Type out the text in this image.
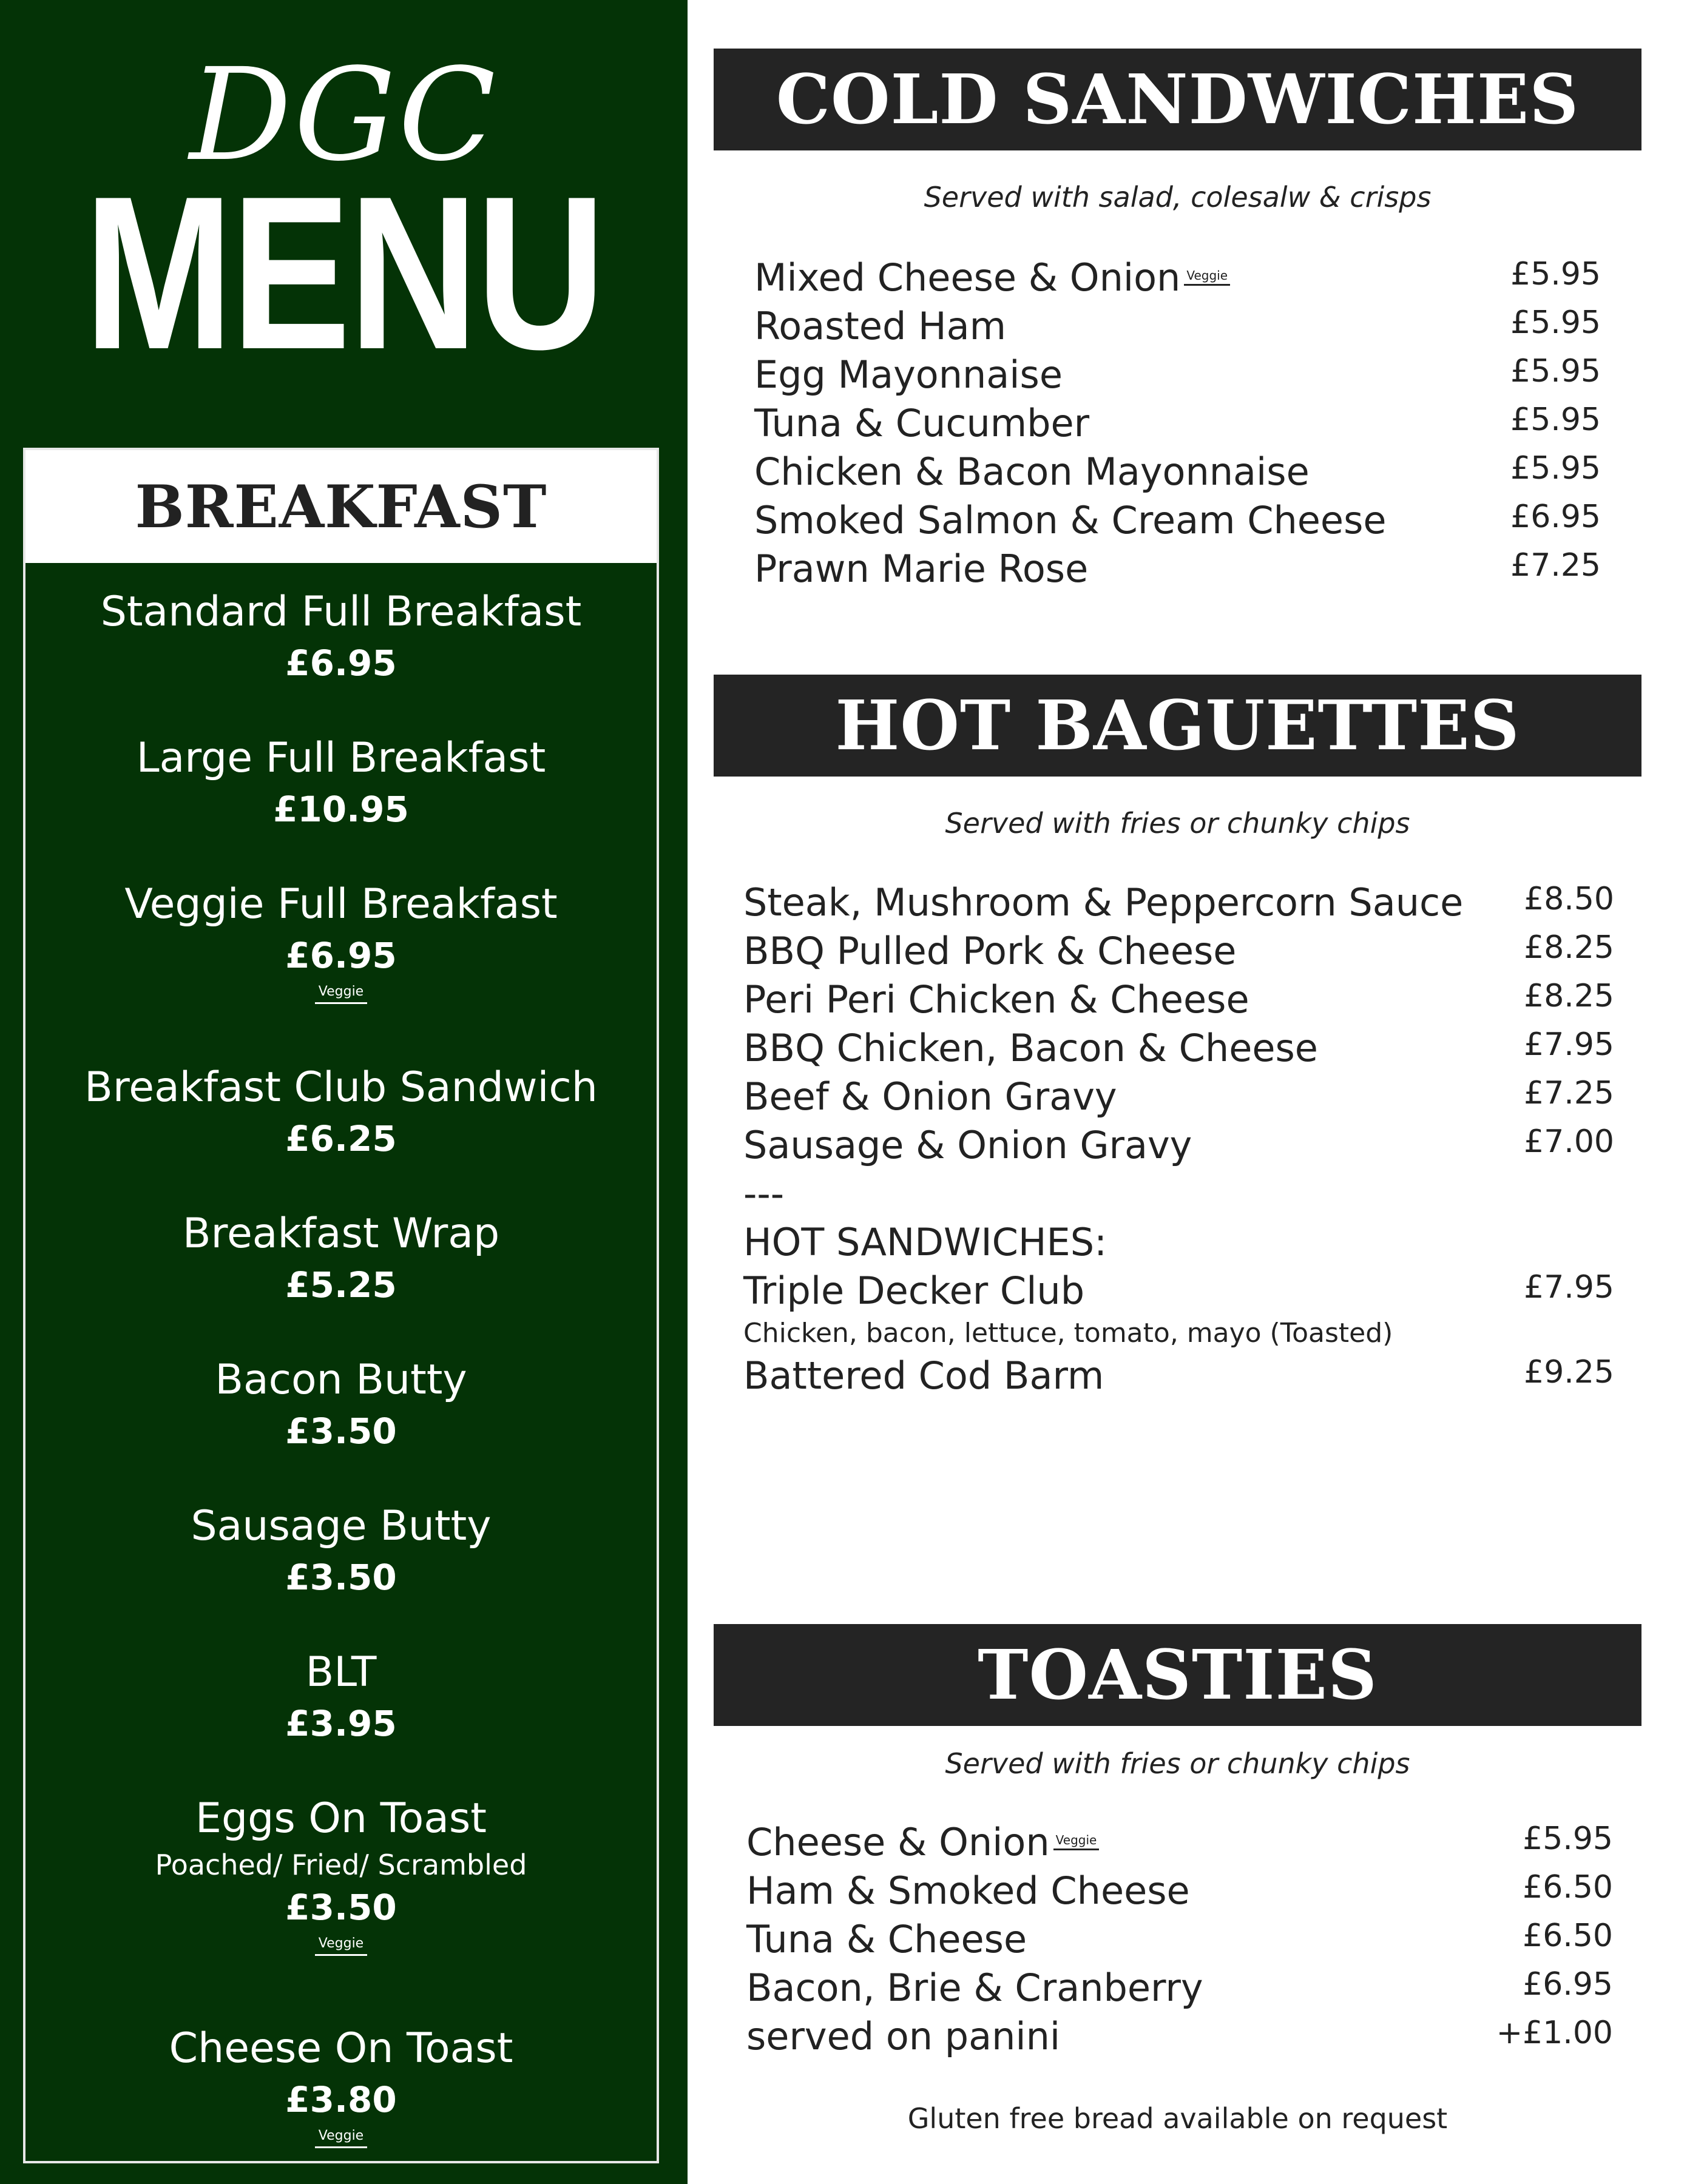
DGC
MENU
BREAKFAST
Standard Full Breakfast
£6.95
Large Full Breakfast
£10.95
Veggie Full Breakfast
£6.95
Veggie
Breakfast Club Sandwich
£6.25
Breakfast Wrap
£5.25
Bacon Butty
£3.50
Sausage Butty
£3.50
BLT
£3.95
Eggs On Toast
Poached/ Fried/ Scrambled
£3.50
Veggie
Cheese On Toast
£3.80
Veggie
COLD SANDWICHES
Served with salad, colesalw & crisps
Mixed Cheese & Onion Veggie	£5.95
Roasted Ham	£5.95
Egg Mayonnaise	£5.95
Tuna & Cucumber	£5.95
Chicken & Bacon Mayonnaise	£5.95
Smoked Salmon & Cream Cheese	£6.95
Prawn Marie Rose	£7.25
HOT BAGUETTES
Served with fries or chunky chips
Steak, Mushroom & Peppercorn Sauce £8.50
BBQ Pulled Pork & Cheese	£8.25
Peri Peri Chicken & Cheese	£8.25
BBQ Chicken, Bacon & Cheese	£7.95
Beef & Onion Gravy	£7.25
Sausage & Onion Gravy	£7.00
---
HOT SANDWICHES:
Triple Decker Club	£7.95
Chicken, bacon, lettuce, tomato, mayo (Toasted)
Battered Cod Barm	£9.25
TOASTIES
Served with fries or chunky chips
Cheese & Onion Veggie	£5.95
Ham & Smoked Cheese	£6.50
Tuna & Cheese	£6.50
Bacon, Brie & Cranberry	£6.95
served on panini	+£1.00
Gluten free bread available on request
